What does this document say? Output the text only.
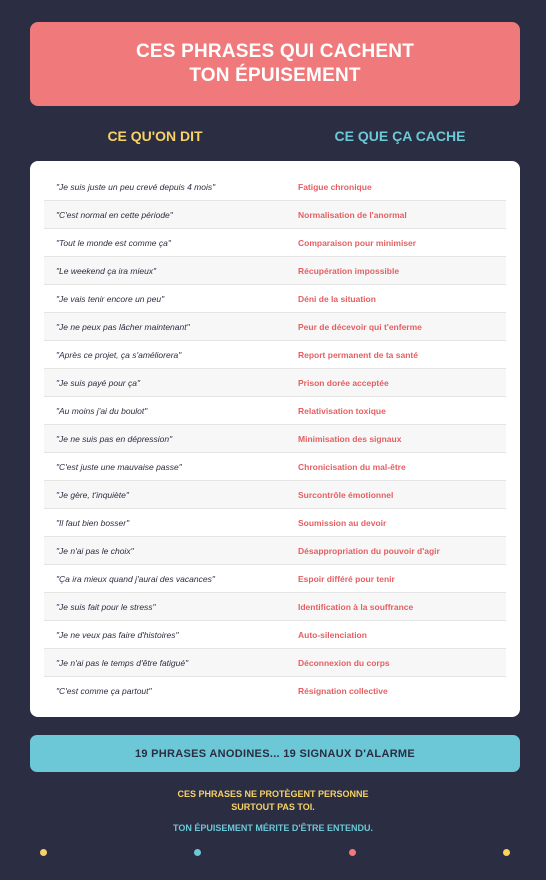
CES PHRASES QUI CACHENT
TON ÉPUISEMENT
CE QU'ON DIT	CE QUE ÇA CACHE
"Je suis juste un peu crevé depuis 4 mois"	Fatigue chronique
"C'est normal en cette période"	Normalisation de l'anormal
"Tout le monde est comme ça"	Comparaison pour minimiser
"Le weekend ça ira mieux"	Récupération impossible
"Je vais tenir encore un peu"	Déni de la situation
"Je ne peux pas lâcher maintenant"	Peur de décevoir qui t'enferme
"Après ce projet, ça s'améliorera"	Report permanent de ta santé
"Je suis payé pour ça"	Prison dorée acceptée
"Au moins j'ai du boulot"	Relativisation toxique
"Je ne suis pas en dépression"	Minimisation des signaux
"C'est juste une mauvaise passe"	Chronicisation du mal-être
"Je gère, t'inquiète"	Surcontrôle émotionnel
"Il faut bien bosser"	Soumission au devoir
"Je n'ai pas le choix"	Désappropriation du pouvoir d'agir
"Ça ira mieux quand j'aurai des vacances"	Espoir différé pour tenir
"Je suis fait pour le stress"	Identification à la souffrance
"Je ne veux pas faire d'histoires"	Auto-silenciation
"Je n'ai pas le temps d'être fatigué"	Déconnexion du corps
"C'est comme ça partout"	Résignation collective
19 PHRASES ANODINES... 19 SIGNAUX D'ALARME
CES PHRASES NE PROTÈGENT PERSONNE
SURTOUT PAS TOI.
TON ÉPUISEMENT MÉRITE D'ÊTRE ENTENDU.
